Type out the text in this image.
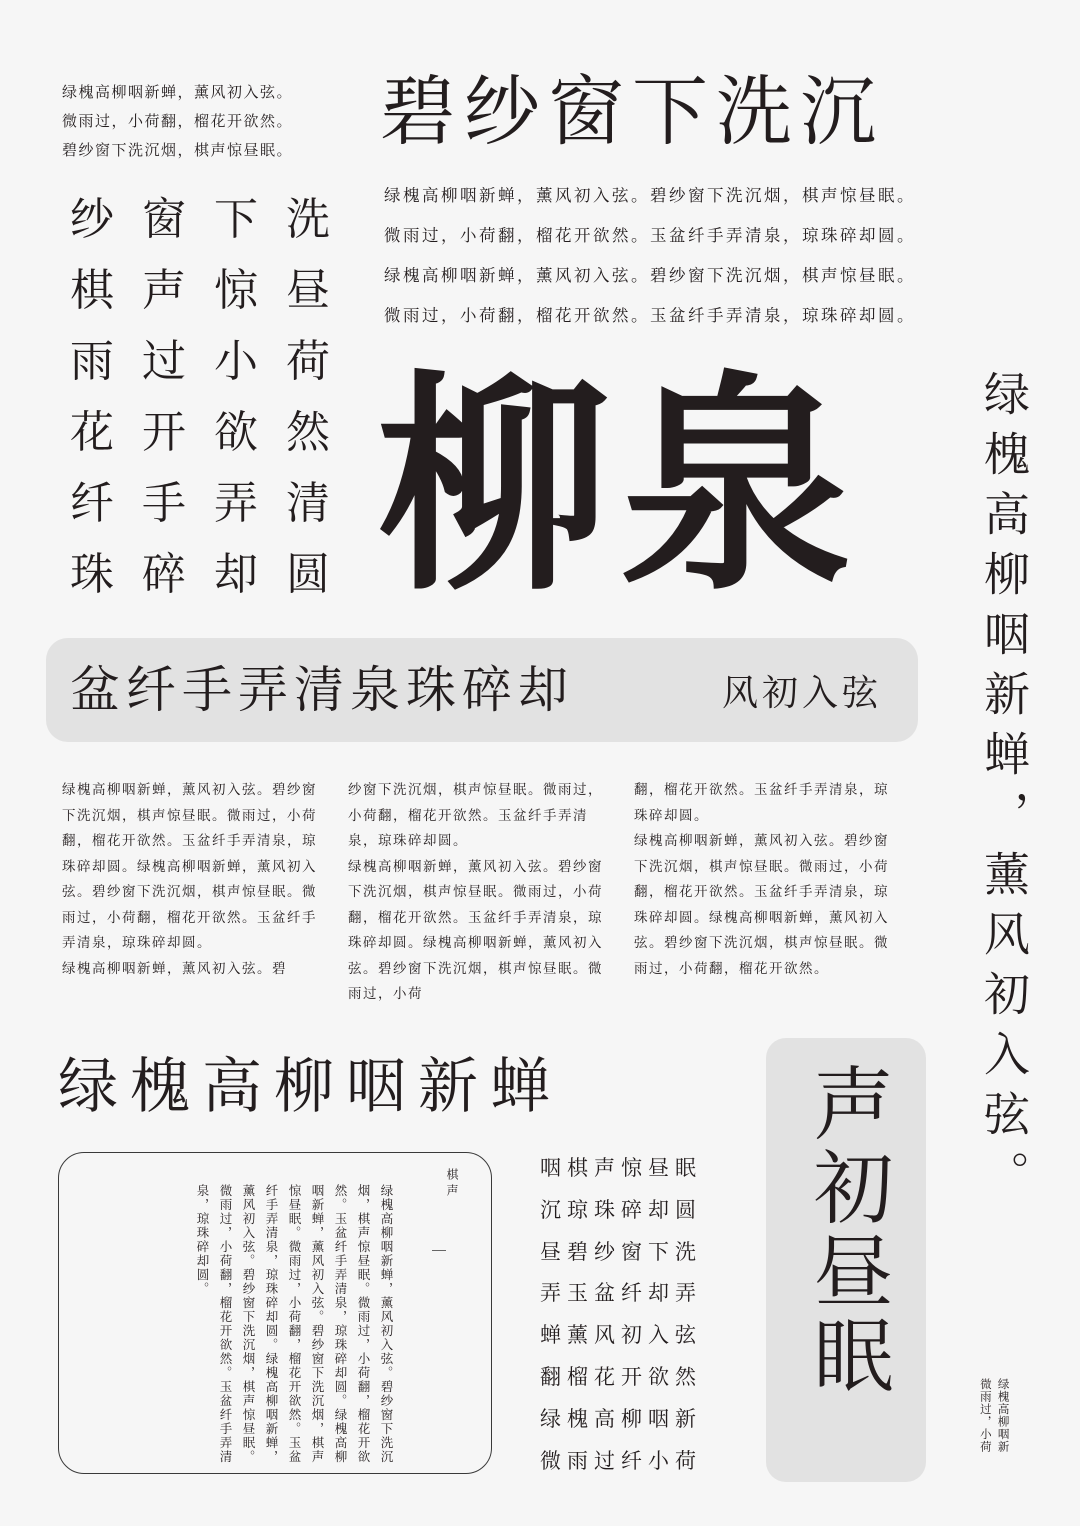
绿槐高柳咽新蝉，薰风初入弦。
微雨过，小荷翻，榴花开欲然。
碧纱窗下洗沉烟，棋声惊昼眠。	碧纱窗下洗沉
绿槐高柳咽新蝉，薰风初入弦。碧纱窗下洗沉烟，棋声惊昼眠。
微雨过，小荷翻，榴花开欲然。玉盆纤手弄清泉，琼珠碎却圆。
绿槐高柳咽新蝉，薰风初入弦。碧纱窗下洗沉烟，棋声惊昼眠。
微雨过，小荷翻，榴花开欲然。玉盆纤手弄清泉，琼珠碎却圆。
纱 窗 下 洗
棋 声 惊 昼
雨 过 小 荷
花 开 欲 然
纤 手 弄 清
珠 碎 却 圆 柳泉
盆纤手弄清泉珠碎却	风初入弦
绿槐高柳咽新蝉，薰风初入弦。碧纱窗下洗沉烟，棋声惊昼眠。微雨过，小荷翻，榴花开欲然。玉盆纤手弄清泉，琼珠碎却圆。绿槐高柳咽新蝉，薰风初入弦。碧纱窗下洗沉烟，棋声惊昼眠。微雨过，小荷翻，榴花开欲然。玉盆纤手弄清泉，琼珠碎却圆。
绿槐高柳咽新蝉，薰风初入弦。碧
纱窗下洗沉烟，棋声惊昼眠。微雨过，小荷翻，榴花开欲然。玉盆纤手弄清泉，琼珠碎却圆。
绿槐高柳咽新蝉，薰风初入弦。碧纱窗下洗沉烟，棋声惊昼眠。微雨过，小荷翻，榴花开欲然。玉盆纤手弄清泉，琼珠碎却圆。绿槐高柳咽新蝉，薰风初入弦。碧纱窗下洗沉烟，棋声惊昼眠。微雨过，小荷
翻，榴花开欲然。玉盆纤手弄清泉，琼珠碎却圆。
绿槐高柳咽新蝉，薰风初入弦。碧纱窗下洗沉烟，棋声惊昼眠。微雨过，小荷翻，榴花开欲然。玉盆纤手弄清泉，琼珠碎却圆。绿槐高柳咽新蝉，薰风初入弦。碧纱窗下洗沉烟，棋声惊昼眠。微雨过，小荷翻，榴花开欲然。	绿槐高柳咽新蝉，薰风初入弦。
绿槐高柳咽新
微雨过，小荷
绿槐高柳咽新蝉	声初昼眠
棋声
绿槐高柳咽新蝉，薰风初入弦。碧纱窗下洗沉烟，棋声惊昼眠。微雨过，小荷翻，榴花开欲然。玉盆纤手弄清泉，琼珠碎却圆。绿槐高柳咽新蝉，薰风初入弦。碧纱窗下洗沉烟，棋声惊昼眠。微雨过，小荷翻，榴花开欲然。玉盆纤手弄清泉，琼珠碎却圆。绿槐高柳咽新蝉，薰风初入弦。碧纱窗下洗沉烟，棋声惊昼眠。微雨过，小荷翻，榴花开欲然。玉盆纤手弄清泉，琼珠碎却圆。
咽棋声惊昼眠
沉琼珠碎却圆
昼碧纱窗下洗
弄玉盆纤却弄
蝉薰风初入弦
翻榴花开欲然
绿槐高柳咽新
微雨过纤小荷
